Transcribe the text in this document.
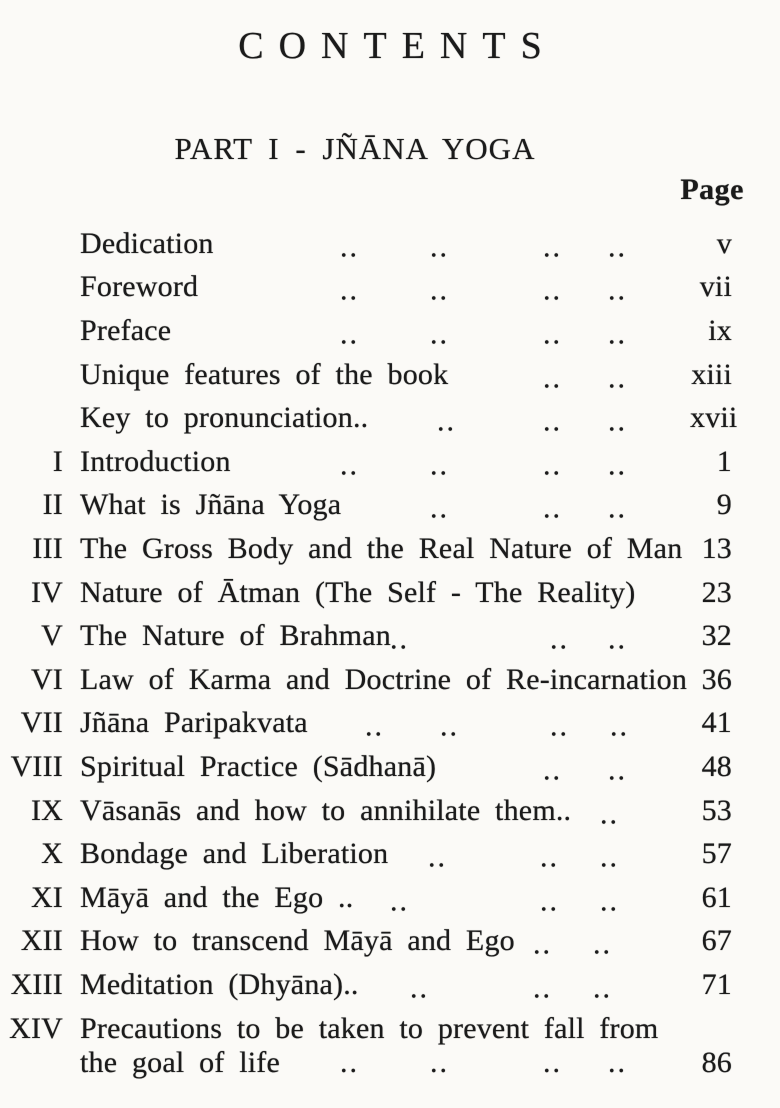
CONTENTS
PART I - JÑĀNA YOGA
Page
Dedication	.. ..	.. ..	v
Foreword	.. ..	.. ..	vii
Preface	.. ..	.. ..	ix
Unique features of the book	.. .. xiii
Key to pronunciation.. ..	.. .. xvii
I Introduction	.. ..	.. ..	1
II What is Jñāna Yoga	..	.. ..	9
III The Gross Body and the Real Nature of Man 13
IV Nature of Ātman (The Self - The Reality)	23
V The Nature of Brahman ..	.. ..	32
VI Law of Karma and Doctrine of Re-incarnation 36
VII Jñāna Paripakvata .. ..	.. ..	41
VIII Spiritual Practice (Sādhanā)	.. ..	48
IX Vāsanās and how to annihilate them.. ..	53
X Bondage and Liberation ..	.. ..	57
XI Māyā and the Ego .. ..	.. ..	61
XII How to transcend Māyā and Ego .. ..	67
XIII Meditation (Dhyāna).. ..	.. ..	71
XIV Precautions to be taken to prevent fall from
the goal of life	.. ..	.. ..	86
